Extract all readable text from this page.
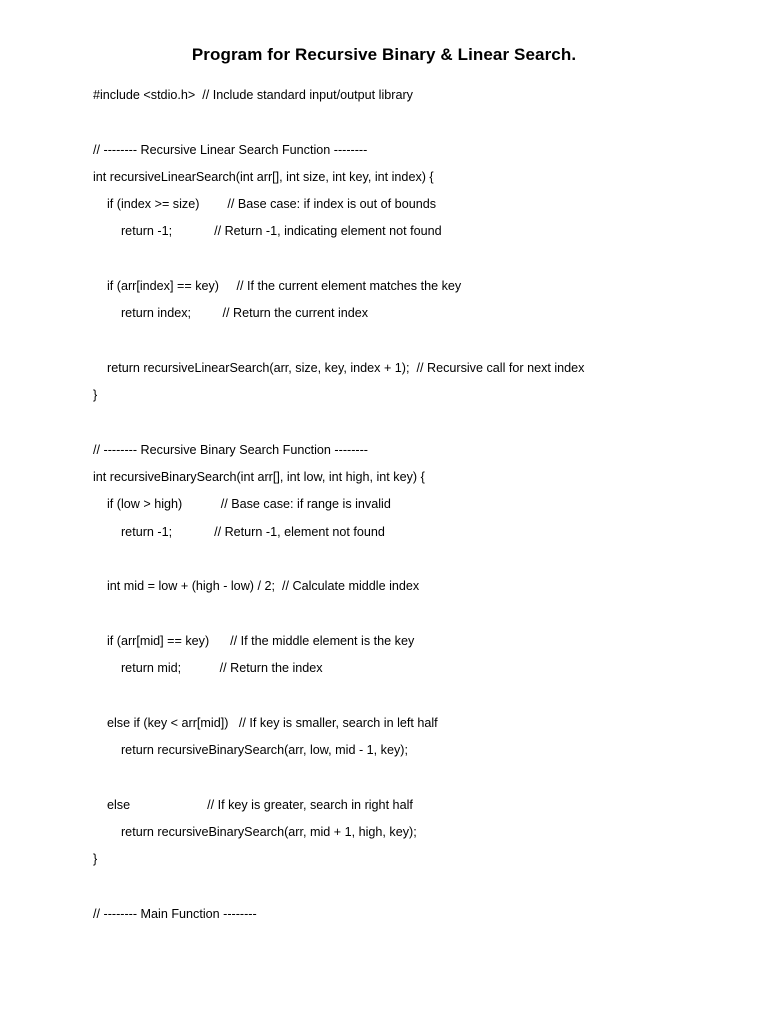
Program for Recursive Binary & Linear Search.
#include <stdio.h>  // Include standard input/output library
// -------- Recursive Linear Search Function --------
int recursiveLinearSearch(int arr[], int size, int key, int index) {
if (index >= size)        // Base case: if index is out of bounds
return -1;            // Return -1, indicating element not found
if (arr[index] == key)     // If the current element matches the key
return index;         // Return the current index
return recursiveLinearSearch(arr, size, key, index + 1);  // Recursive call for next index
}
// -------- Recursive Binary Search Function --------
int recursiveBinarySearch(int arr[], int low, int high, int key) {
if (low > high)           // Base case: if range is invalid
return -1;            // Return -1, element not found
int mid = low + (high - low) / 2;  // Calculate middle index
if (arr[mid] == key)      // If the middle element is the key
return mid;           // Return the index
else if (key < arr[mid])   // If key is smaller, search in left half
return recursiveBinarySearch(arr, low, mid - 1, key);
else                      // If key is greater, search in right half
return recursiveBinarySearch(arr, mid + 1, high, key);
}
// -------- Main Function --------
